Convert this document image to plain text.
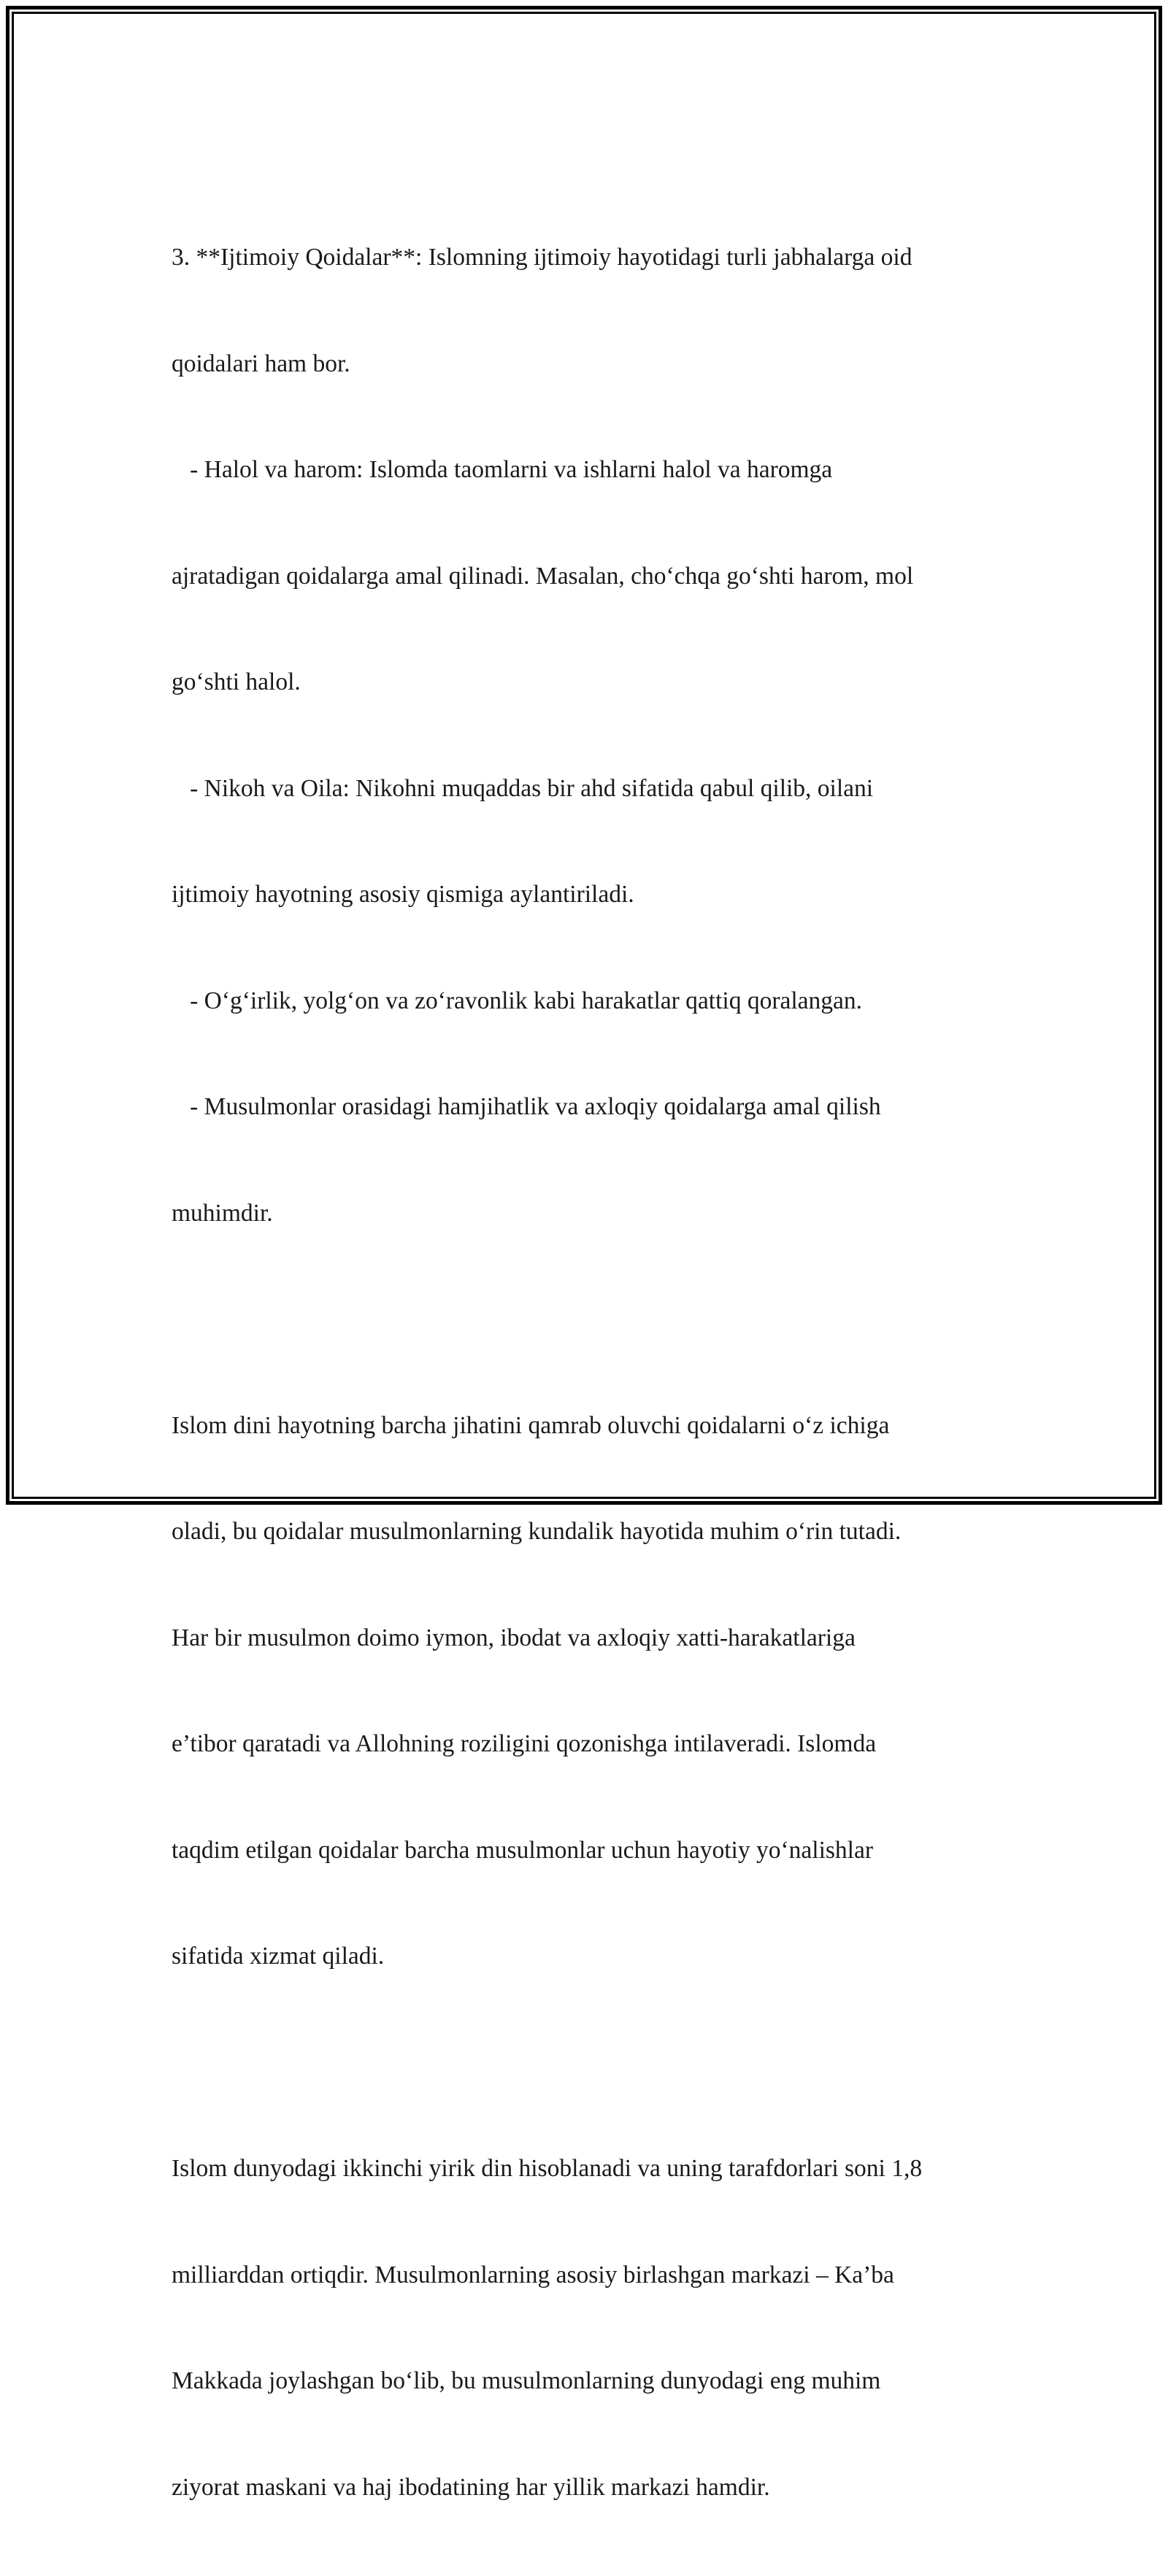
3. **Ijtimoiy Qoidalar**: Islomning ijtimoiy hayotidagi turli jabhalarga oid

qoidalari ham bor.

- Halol va harom: Islomda taomlarni va ishlarni halol va haromga

ajratadigan qoidalarga amal qilinadi. Masalan, cho‘chqa go‘shti harom, mol

go‘shti halol.

- Nikoh va Oila: Nikohni muqaddas bir ahd sifatida qabul qilib, oilani

ijtimoiy hayotning asosiy qismiga aylantiriladi.

- O‘g‘irlik, yolg‘on va zo‘ravonlik kabi harakatlar qattiq qoralangan.

- Musulmonlar orasidagi hamjihatlik va axloqiy qoidalarga amal qilish

muhimdir.

Islom dini hayotning barcha jihatini qamrab oluvchi qoidalarni o‘z ichiga

oladi, bu qoidalar musulmonlarning kundalik hayotida muhim o‘rin tutadi.

Har bir musulmon doimo iymon, ibodat va axloqiy xatti-harakatlariga

e’tibor qaratadi va Allohning roziligini qozonishga intilaveradi. Islomda

taqdim etilgan qoidalar barcha musulmonlar uchun hayotiy yo‘nalishlar

sifatida xizmat qiladi.

Islom dunyodagi ikkinchi yirik din hisoblanadi va uning tarafdorlari soni 1,8

milliarddan ortiqdir. Musulmonlarning asosiy birlashgan markazi – Ka’ba

Makkada joylashgan bo‘lib, bu musulmonlarning dunyodagi eng muhim

ziyorat maskani va haj ibodatining har yillik markazi hamdir.
